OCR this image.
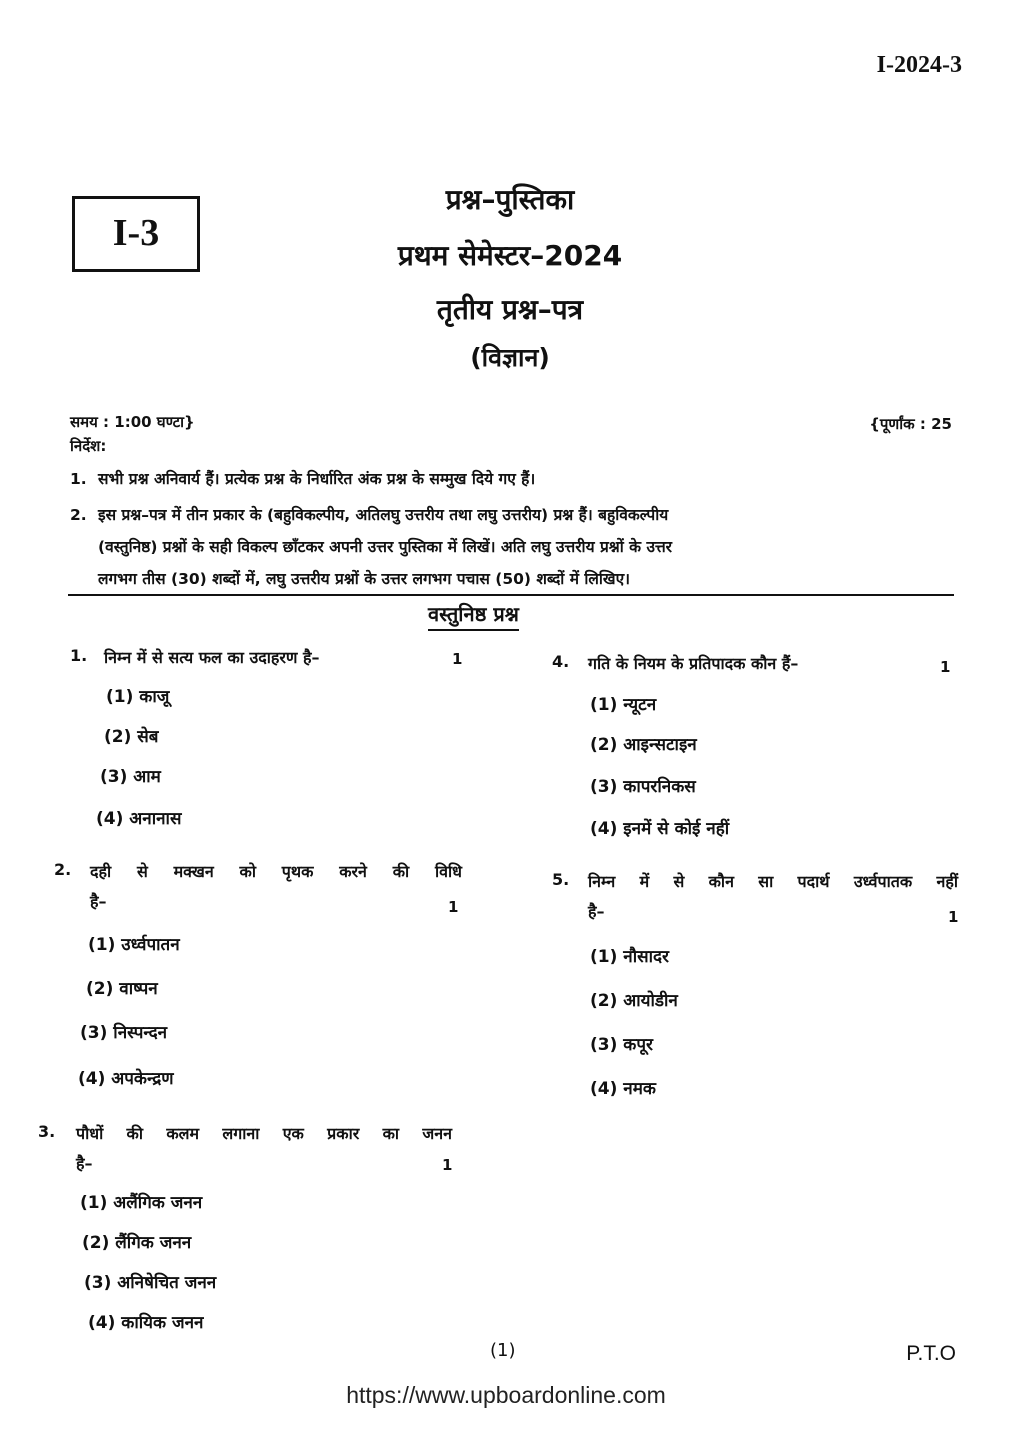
I-2024-3
I-3
प्रश्न–पुस्तिका
प्रथम सेमेस्टर–2024
तृतीय प्रश्न–पत्र
(विज्ञान)
समय : 1:00 घण्टा}	{पूर्णांक : 25
निर्देश:
1. सभी प्रश्न अनिवार्य हैं। प्रत्येक प्रश्न के निर्धारित अंक प्रश्न के सम्मुख दिये गए हैं।
2. इस प्रश्न–पत्र में तीन प्रकार के (बहुविकल्पीय, अतिलघु उत्तरीय तथा लघु उत्तरीय) प्रश्न हैं। बहुविकल्पीय
(वस्तुनिष्ठ) प्रश्नों के सही विकल्प छाँटकर अपनी उत्तर पुस्तिका में लिखें। अति लघु उत्तरीय प्रश्नों के उत्तर
लगभग तीस (30) शब्दों में, लघु उत्तरीय प्रश्नों के उत्तर लगभग पचास (50) शब्दों में लिखिए।
वस्तुनिष्ठ प्रश्न
1. निम्न में से सत्य फल का उदाहरण है–	1
(1) काजू
(2) सेब
(3) आम
(4) अनानास
2. दही से मक्खन को पृथक करने की विधि
है–	1
(1) उर्ध्वपातन
(2) वाष्पन
(3) निस्पन्दन
(4) अपकेन्द्रण
3. पौधों की कलम लगाना एक प्रकार का जनन
है–	1
(1) अलैंगिक जनन
(2) लैंगिक जनन
(3) अनिषेचित जनन
(4) कायिक जनन
4. गति के नियम के प्रतिपादक कौन हैं–	1
(1) न्यूटन
(2) आइन्सटाइन
(3) कापरनिकस
(4) इनमें से कोई नहीं
5. निम्न में से कौन सा पदार्थ उर्ध्वपातक नहीं
है–	1
(1) नौसादर
(2) आयोडीन
(3) कपूर
(4) नमक
(1)	P.T.O
https://www.upboardonline.com
